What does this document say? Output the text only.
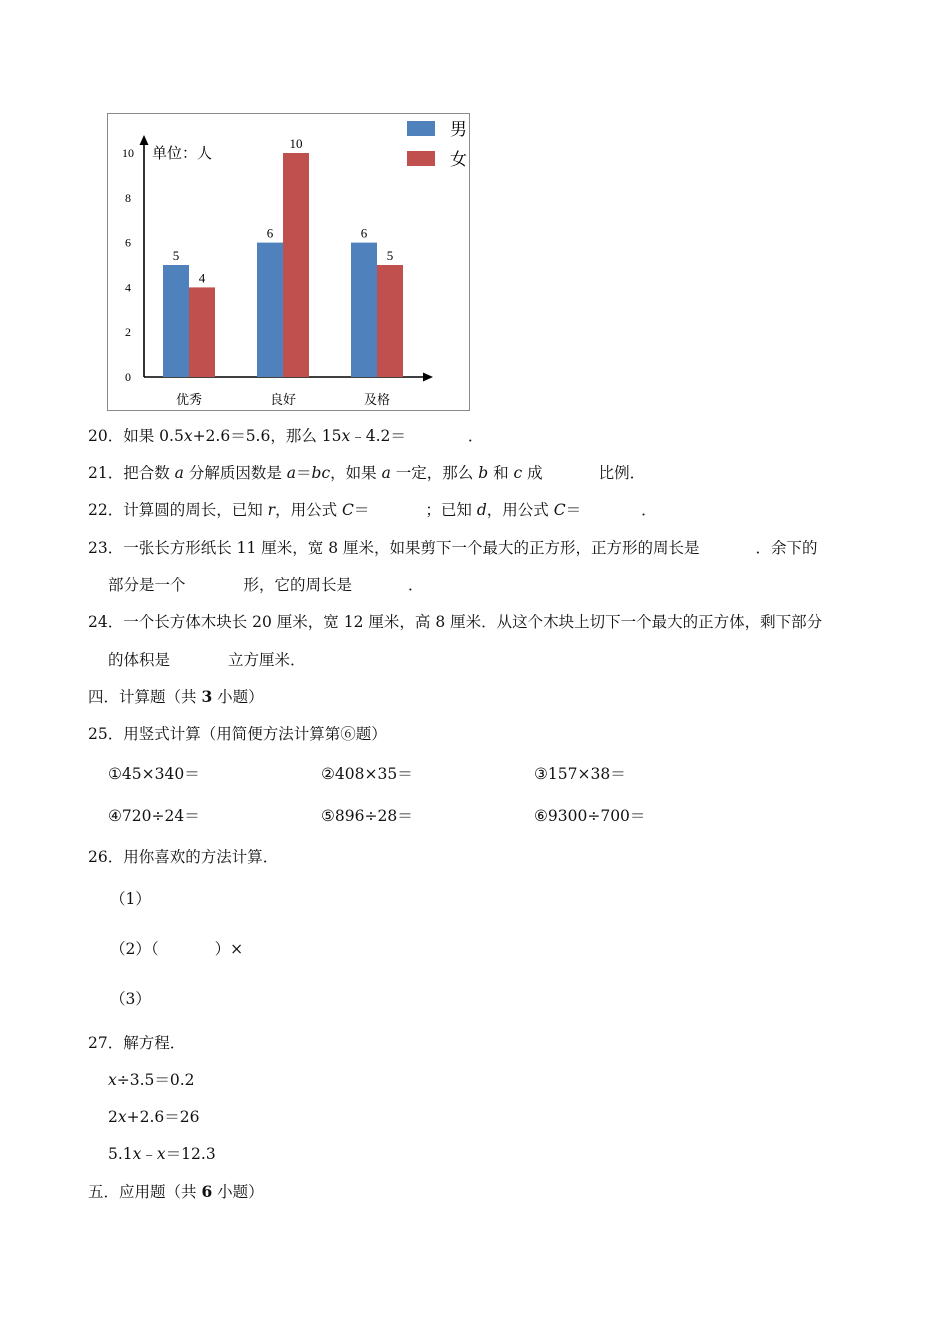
0
2
4
6
8
10 单位：人
5
4
优秀
6
10
良好
6
5
及格
男
女
20．如果 0.5x+2.6＝5.6，那么 15x﹣4.2＝	．
21．把合数 a 分解质因数是 a＝bc，如果 a 一定，那么 b 和 c 成	比例．
22．计算圆的周长，已知 r，用公式 C＝	；已知 d，用公式 C＝	．
23．一张长方形纸长 11 厘米，宽 8 厘米，如果剪下一个最大的正方形，正方形的周长是	．余下的
部分是一个	形，它的周长是	．
24．一个长方体木块长 20 厘米，宽 12 厘米，高 8 厘米．从这个木块上切下一个最大的正方体，剩下部分
的体积是	立方厘米．
四．计算题（共 3 小题）
25．用竖式计算（用简便方法计算第⑥题）
①45×340＝	②408×35＝	③157×38＝
④720÷24＝	⑤896÷28＝	⑥9300÷700＝
26．用你喜欢的方法计算．
（1）
（2）（	）×
（3）
27．解方程．
x÷3.5＝0.2
2x+2.6＝26
5.1x﹣x＝12.3
五．应用题（共 6 小题）
